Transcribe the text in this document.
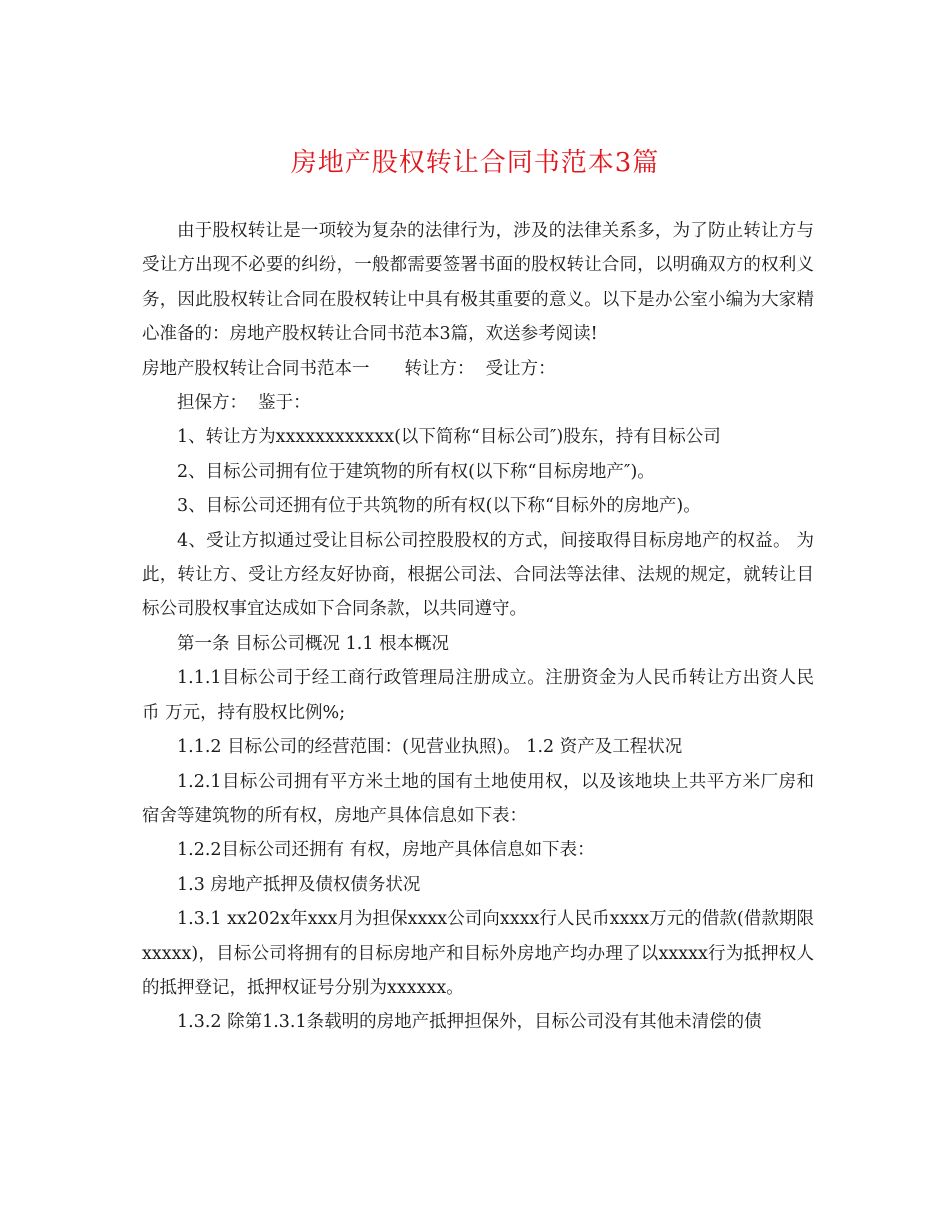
房地产股权转让合同书范本3篇

由于股权转让是一项较为复杂的法律行为，涉及的法律关系多，为了防止转让方与受让方出现不必要的纠纷，一般都需要签署书面的股权转让合同，以明确双方的权利义务，因此股权转让合同在股权转让中具有极其重要的意义。以下是办公室小编为大家精心准备的：房地产股权转让合同书范本3篇，欢送参考阅读!

房地产股权转让合同书范本一　　转让方：  受让方：

担保方：  鉴于：

1、转让方为xxxxxxxxxxxx(以下简称“目标公司″)股东，持有目标公司

2、目标公司拥有位于建筑物的所有权(以下称“目标房地产″)。

3、目标公司还拥有位于共筑物的所有权(以下称“目标外的房地产)。

4、受让方拟通过受让目标公司控股股权的方式，间接取得目标房地产的权益。 为此，转让方、受让方经友好协商，根据公司法、合同法等法律、法规的规定，就转让目标公司股权事宜达成如下合同条款，以共同遵守。

第一条 目标公司概况 1.1 根本概况

1.1.1目标公司于经工商行政管理局注册成立。注册资金为人民币转让方出资人民币 万元，持有股权比例%;

1.1.2 目标公司的经营范围：(见营业执照)。 1.2 资产及工程状况

1.2.1目标公司拥有平方米土地的国有土地使用权，以及该地块上共平方米厂房和宿舍等建筑物的所有权，房地产具体信息如下表：

1.2.2目标公司还拥有 有权，房地产具体信息如下表：

1.3 房地产抵押及债权债务状况

1.3.1 xx202x年xxx月为担保xxxx公司向xxxx行人民币xxxx万元的借款(借款期限xxxxx)，目标公司将拥有的目标房地产和目标外房地产均办理了以xxxxx行为抵押权人的抵押登记，抵押权证号分别为xxxxxx。

1.3.2 除第1.3.1条载明的房地产抵押担保外，目标公司没有其他未清偿的债
